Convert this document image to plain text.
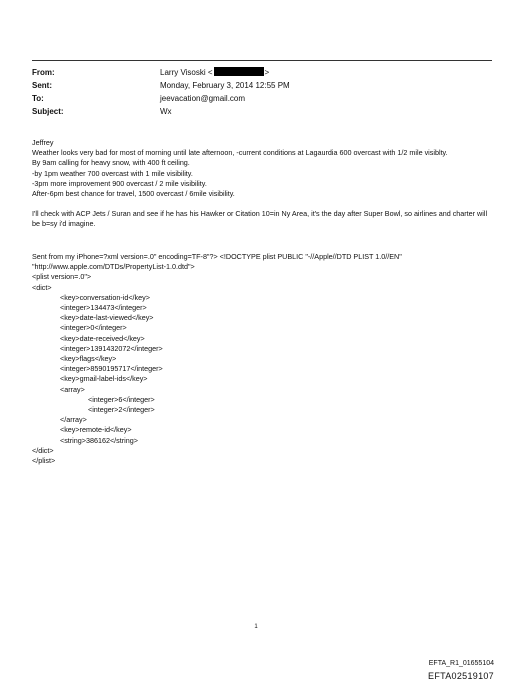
From:	Larry Visoski <	>
Sent:	Monday, February 3, 2014 12:55 PM
To:	jeevacation@gmail.com
Subject:	Wx

Jeffrey

Weather looks very bad for most of morning until late afternoon, -current conditions at Lagaurdia 600 overcast with 1/2 mile visiblty.

By 9am calling for heavy snow, with 400 ft ceiling.

-by 1pm weather 700 overcast with 1 mile visibility.

-3pm more improvement 900 overcast / 2 mile visibility.

After-6pm best chance for travel, 1500 overcast / 6mile visibility.

I'll check with ACP Jets / Suran and see if he has his Hawker or Citation 10=in Ny Area, it's the day after Super Bowl, so airlines and charter will be b=sy i'd imagine.

Sent from my iPhone=?xml version=.0" encoding=TF-8"?> <!DOCTYPE plist PUBLIC "-//Apple//DTD PLIST 1.0//EN"
"http://www.apple.com/DTDs/PropertyList-1.0.dtd">
<plist version=.0">
<dict>
<key>conversation-id</key>
<integer>134473</integer>
<key>date-last-viewed</key>
<integer>0</integer>
<key>date-received</key>
<integer>1391432072</integer>
<key>flags</key>
<integer>8590195717</integer>
<key>gmail-label-ids</key>
<array>
<integer>6</integer>
<integer>2</integer>
</array>
<key>remote-id</key>
<string>386162</string>
</dict>
</plist>
1
EFTA_R1_01655104
EFTA02519107
